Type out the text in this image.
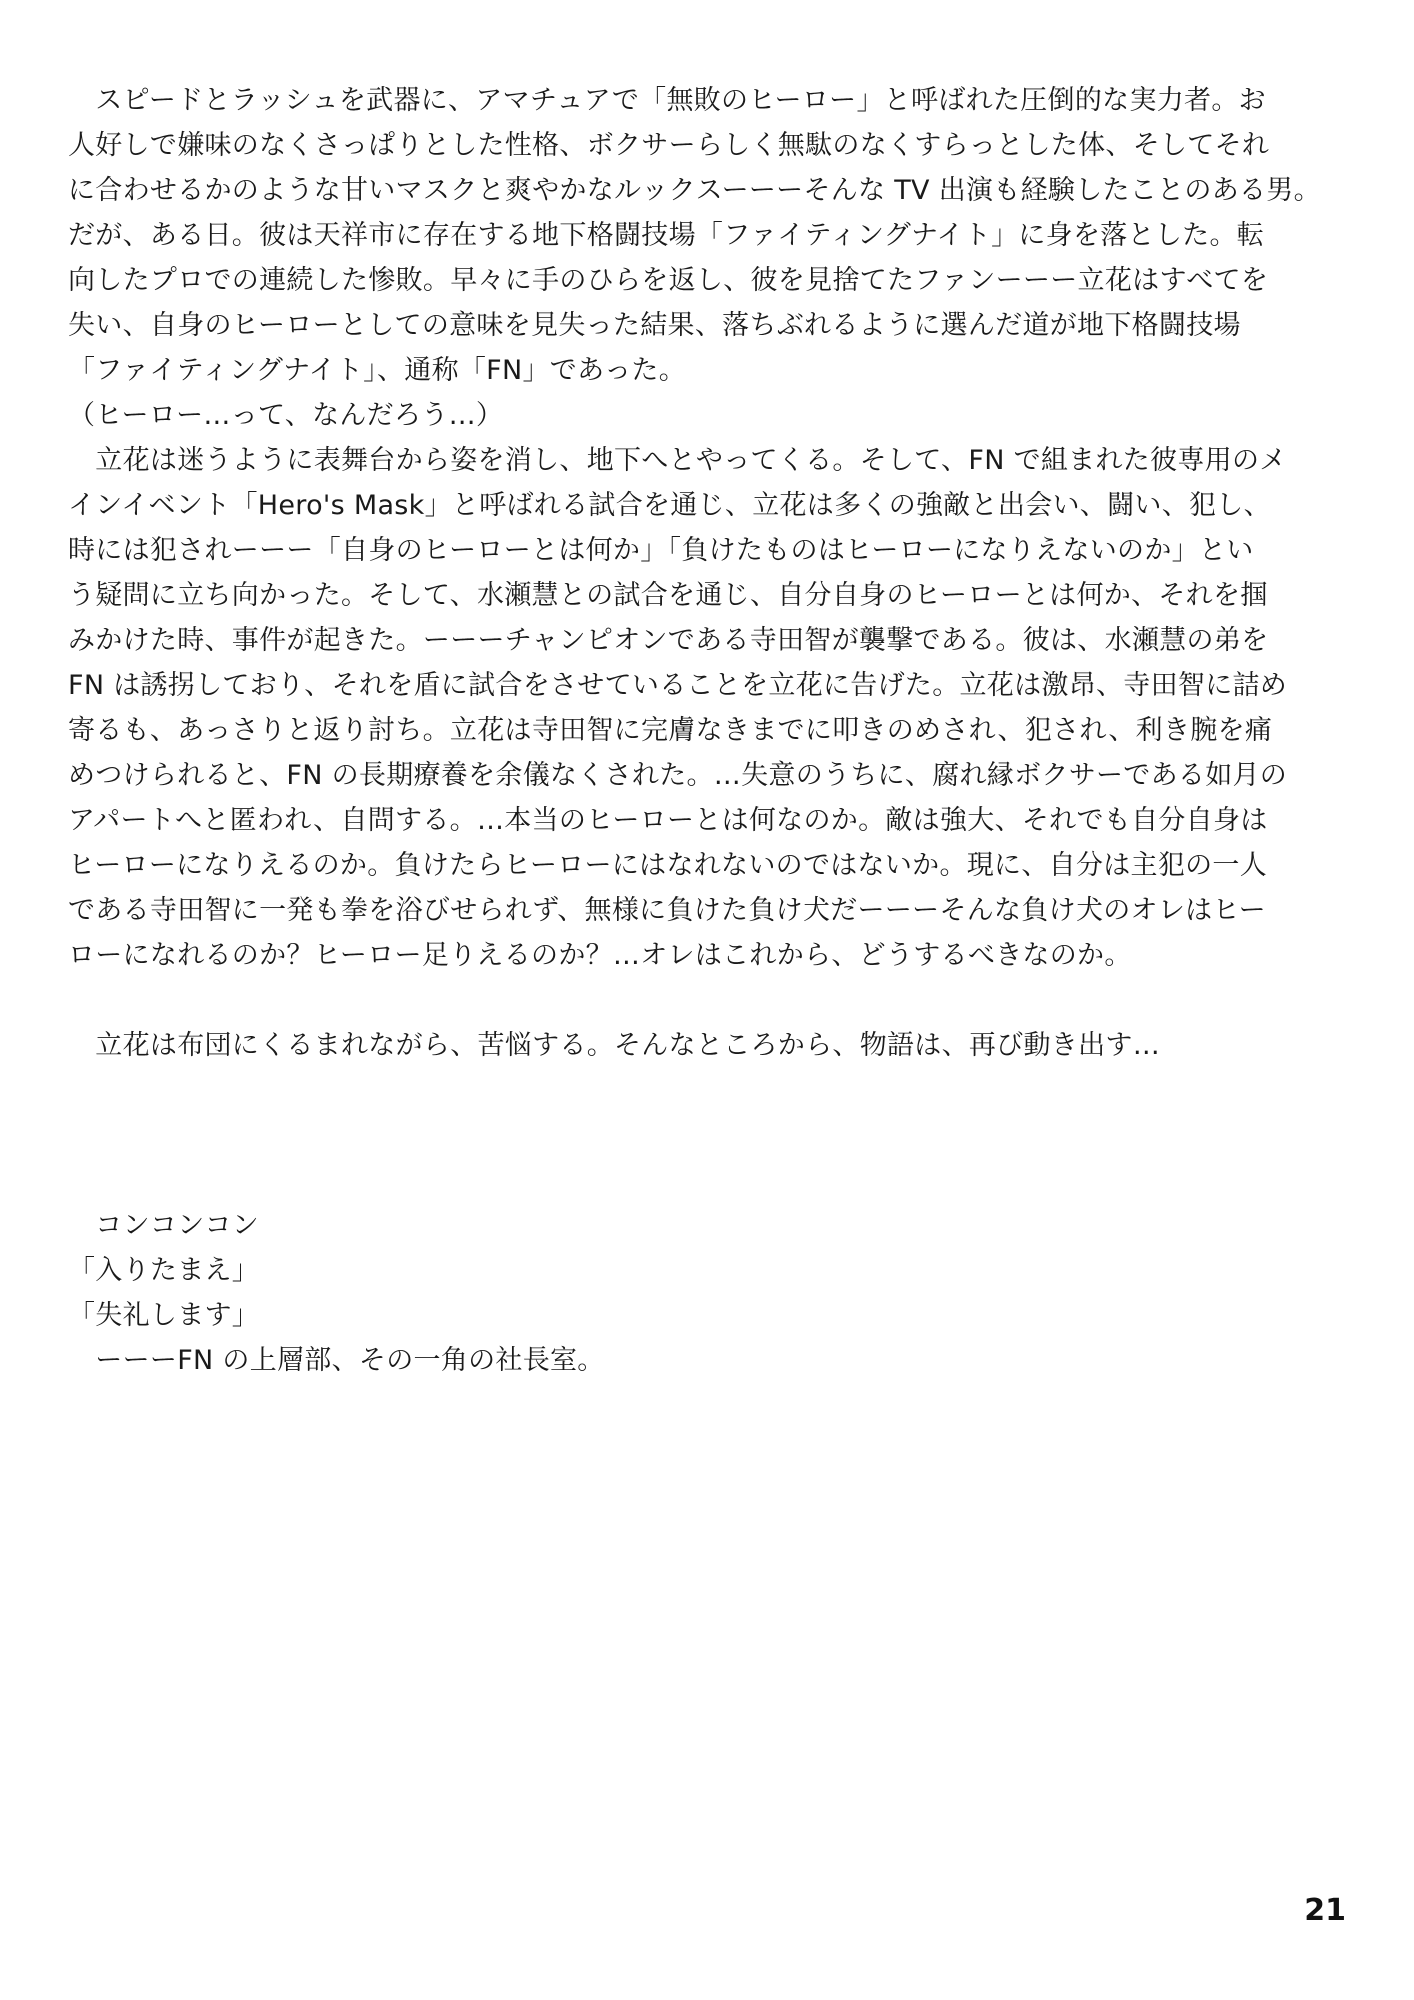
　スピードとラッシュを武器に、アマチュアで「無敗のヒーロー」と呼ばれた圧倒的な実力者。お
人好しで嫌味のなくさっぱりとした性格、ボクサーらしく無駄のなくすらっとした体、そしてそれ
に合わせるかのような甘いマスクと爽やかなルックスーーーそんな TV 出演も経験したことのある男。
だが、ある日。彼は天祥市に存在する地下格闘技場「ファイティングナイト」に身を落とした。転
向したプロでの連続した惨敗。早々に手のひらを返し、彼を見捨てたファンーーー立花はすべてを
失い、自身のヒーローとしての意味を見失った結果、落ちぶれるように選んだ道が地下格闘技場
「ファイティングナイト」、通称「FN」であった。
（ヒーロー…って、なんだろう…）
　立花は迷うように表舞台から姿を消し、地下へとやってくる。そして、FN で組まれた彼専用のメ
インイベント「Hero's Mask」と呼ばれる試合を通じ、立花は多くの強敵と出会い、闘い、犯し、
時には犯されーーー「自身のヒーローとは何か」「負けたものはヒーローになりえないのか」とい
う疑問に立ち向かった。そして、水瀬慧との試合を通じ、自分自身のヒーローとは何か、それを掴
みかけた時、事件が起きた。ーーーチャンピオンである寺田智が襲撃である。彼は、水瀬慧の弟を
FN は誘拐しており、それを盾に試合をさせていることを立花に告げた。立花は激昂、寺田智に詰め
寄るも、あっさりと返り討ち。立花は寺田智に完膚なきまでに叩きのめされ、犯され、利き腕を痛
めつけられると、FN の長期療養を余儀なくされた。…失意のうちに、腐れ縁ボクサーである如月の
アパートへと匿われ、自問する。…本当のヒーローとは何なのか。敵は強大、それでも自分自身は
ヒーローになりえるのか。負けたらヒーローにはなれないのではないか。現に、自分は主犯の一人
である寺田智に一発も拳を浴びせられず、無様に負けた負け犬だーーーそんな負け犬のオレはヒー
ローになれるのか？ヒーロー足りえるのか？…オレはこれから、どうするべきなのか。
　立花は布団にくるまれながら、苦悩する。そんなところから、物語は、再び動き出す…
　コンコンコン
「入りたまえ」
「失礼します」
　ーーーFN の上層部、その一角の社長室。
21
